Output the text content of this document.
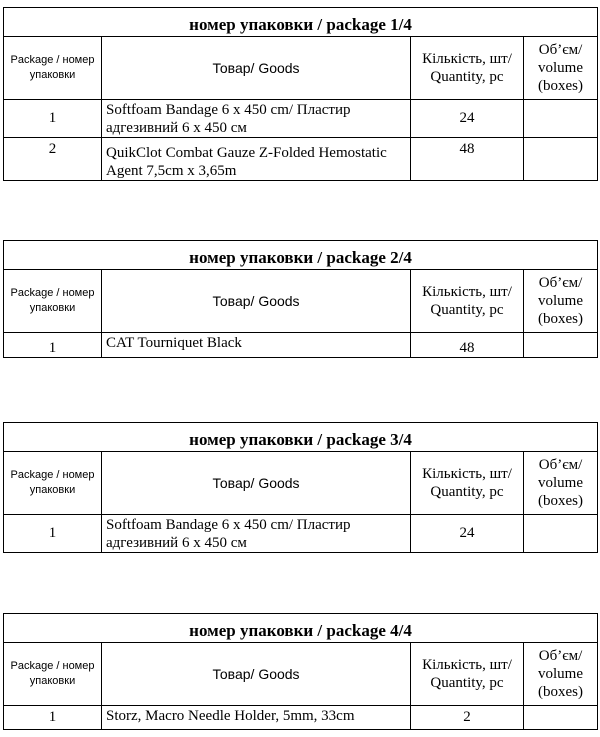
номер упаковки / package 1/4			
Package / номер упаковки	Товар/ Goods	Кількість, шт/ Quantity, pc	Об’єм/ volume (boxes)
1	Softfoam Bandage 6 x 450 cm/ Пластир адгезивний 6 х 450 см	24	
2	QuikClot Combat Gauze Z-Folded Hemostatic Agent 7,5cm x 3,65m	48	
номер упаковки / package 2/4			
Package / номер упаковки	Товар/ Goods	Кількість, шт/ Quantity, pc	Об’єм/ volume (boxes)
1	CAT Tourniquet Black	48	
номер упаковки / package 3/4			
Package / номер упаковки	Товар/ Goods	Кількість, шт/ Quantity, pc	Об’єм/ volume (boxes)
1	Softfoam Bandage 6 x 450 cm/ Пластир адгезивний 6 х 450 см	24	
номер упаковки / package 4/4			
Package / номер упаковки	Товар/ Goods	Кількість, шт/ Quantity, pc	Об’єм/ volume (boxes)
1	Storz, Macro Needle Holder, 5mm, 33cm	2	
